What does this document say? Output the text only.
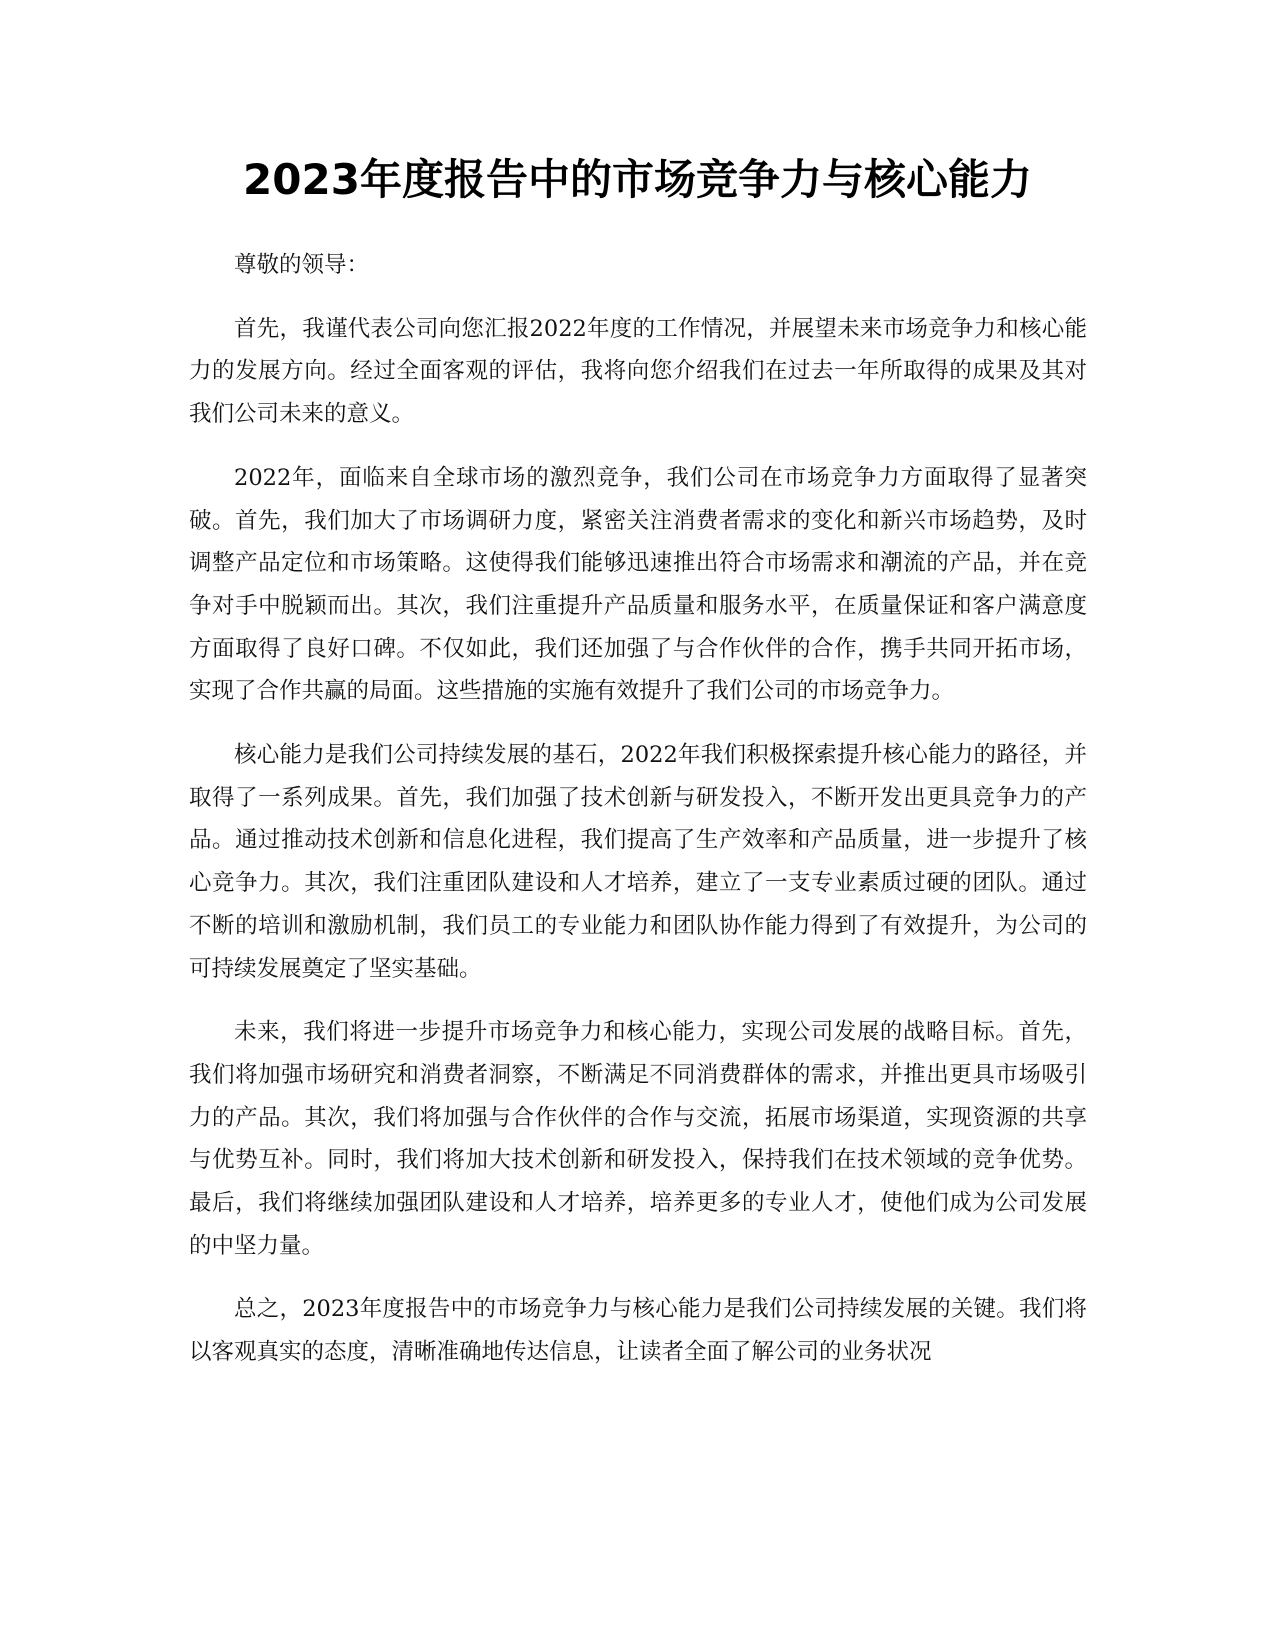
2023年度报告中的市场竞争力与核心能力

尊敬的领导：

首先，我谨代表公司向您汇报2022年度的工作情况，并展望未来市场竞争力和核心能力的发展方向。经过全面客观的评估，我将向您介绍我们在过去一年所取得的成果及其对我们公司未来的意义。

2022年，面临来自全球市场的激烈竞争，我们公司在市场竞争力方面取得了显著突破。首先，我们加大了市场调研力度，紧密关注消费者需求的变化和新兴市场趋势，及时调整产品定位和市场策略。这使得我们能够迅速推出符合市场需求和潮流的产品，并在竞争对手中脱颖而出。其次，我们注重提升产品质量和服务水平，在质量保证和客户满意度方面取得了良好口碑。不仅如此，我们还加强了与合作伙伴的合作，携手共同开拓市场，实现了合作共赢的局面。这些措施的实施有效提升了我们公司的市场竞争力。

核心能力是我们公司持续发展的基石，2022年我们积极探索提升核心能力的路径，并取得了一系列成果。首先，我们加强了技术创新与研发投入，不断开发出更具竞争力的产品。通过推动技术创新和信息化进程，我们提高了生产效率和产品质量，进一步提升了核心竞争力。其次，我们注重团队建设和人才培养，建立了一支专业素质过硬的团队。通过不断的培训和激励机制，我们员工的专业能力和团队协作能力得到了有效提升，为公司的可持续发展奠定了坚实基础。

未来，我们将进一步提升市场竞争力和核心能力，实现公司发展的战略目标。首先，我们将加强市场研究和消费者洞察，不断满足不同消费群体的需求，并推出更具市场吸引力的产品。其次，我们将加强与合作伙伴的合作与交流，拓展市场渠道，实现资源的共享与优势互补。同时，我们将加大技术创新和研发投入，保持我们在技术领域的竞争优势。最后，我们将继续加强团队建设和人才培养，培养更多的专业人才，使他们成为公司发展的中坚力量。

总之，2023年度报告中的市场竞争力与核心能力是我们公司持续发展的关键。我们将以客观真实的态度，清晰准确地传达信息，让读者全面了解公司的业务状况
